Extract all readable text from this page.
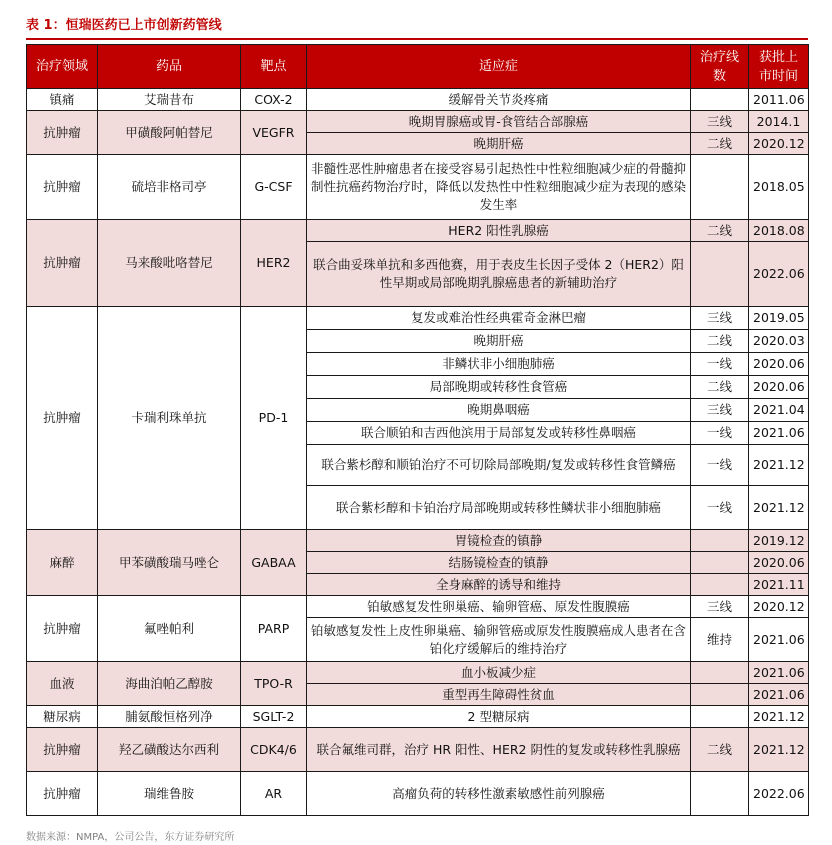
表 1：恒瑞医药已上市创新药管线
治疗领域	药品	靶点	适应症	治疗线数	获批上市时间
镇痛	艾瑞昔布	COX-2	缓解骨关节炎疼痛		2011.06
抗肿瘤	甲磺酸阿帕替尼	VEGFR	晚期胃腺癌或胃-食管结合部腺癌	三线	2014.1
			晚期肝癌	二线	2020.12
抗肿瘤	硫培非格司亭	G-CSF	非髓性恶性肿瘤患者在接受容易引起热性中性粒细胞减少症的骨髓抑制性抗癌药物治疗时，降低以发热性中性粒细胞减少症为表现的感染发生率		2018.05
抗肿瘤	马来酸吡咯替尼	HER2	HER2 阳性乳腺癌	二线	2018.08
			联合曲妥珠单抗和多西他赛，用于表皮生长因子受体 2（HER2）阳性早期或局部晚期乳腺癌患者的新辅助治疗		2022.06
抗肿瘤	卡瑞利珠单抗	PD-1	复发或难治性经典霍奇金淋巴瘤	三线	2019.05
			晚期肝癌	二线	2020.03
			非鳞状非小细胞肺癌	一线	2020.06
			局部晚期或转移性食管癌	二线	2020.06
			晚期鼻咽癌	三线	2021.04
			联合顺铂和吉西他滨用于局部复发或转移性鼻咽癌	一线	2021.06
			联合紫杉醇和顺铂治疗不可切除局部晚期/复发或转移性食管鳞癌	一线	2021.12
			联合紫杉醇和卡铂治疗局部晚期或转移性鳞状非小细胞肺癌	一线	2021.12
麻醉	甲苯磺酸瑞马唑仑	GABAA	胃镜检查的镇静		2019.12
			结肠镜检查的镇静		2020.06
			全身麻醉的诱导和维持		2021.11
抗肿瘤	氟唑帕利	PARP	铂敏感复发性卵巢癌、输卵管癌、原发性腹膜癌	三线	2020.12
			铂敏感复发性上皮性卵巢癌、输卵管癌或原发性腹膜癌成人患者在含铂化疗缓解后的维持治疗	维持	2021.06
血液	海曲泊帕乙醇胺	TPO-R	血小板减少症		2021.06
			重型再生障碍性贫血		2021.06
糖尿病	脯氨酸恒格列净	SGLT-2	2 型糖尿病		2021.12
抗肿瘤	羟乙磺酸达尔西利	CDK4/6	联合氟维司群，治疗 HR 阳性、HER2 阴性的复发或转移性乳腺癌	二线	2021.12
抗肿瘤	瑞维鲁胺	AR	高瘤负荷的转移性激素敏感性前列腺癌		2022.06
数据来源：NMPA，公司公告，东方证券研究所
